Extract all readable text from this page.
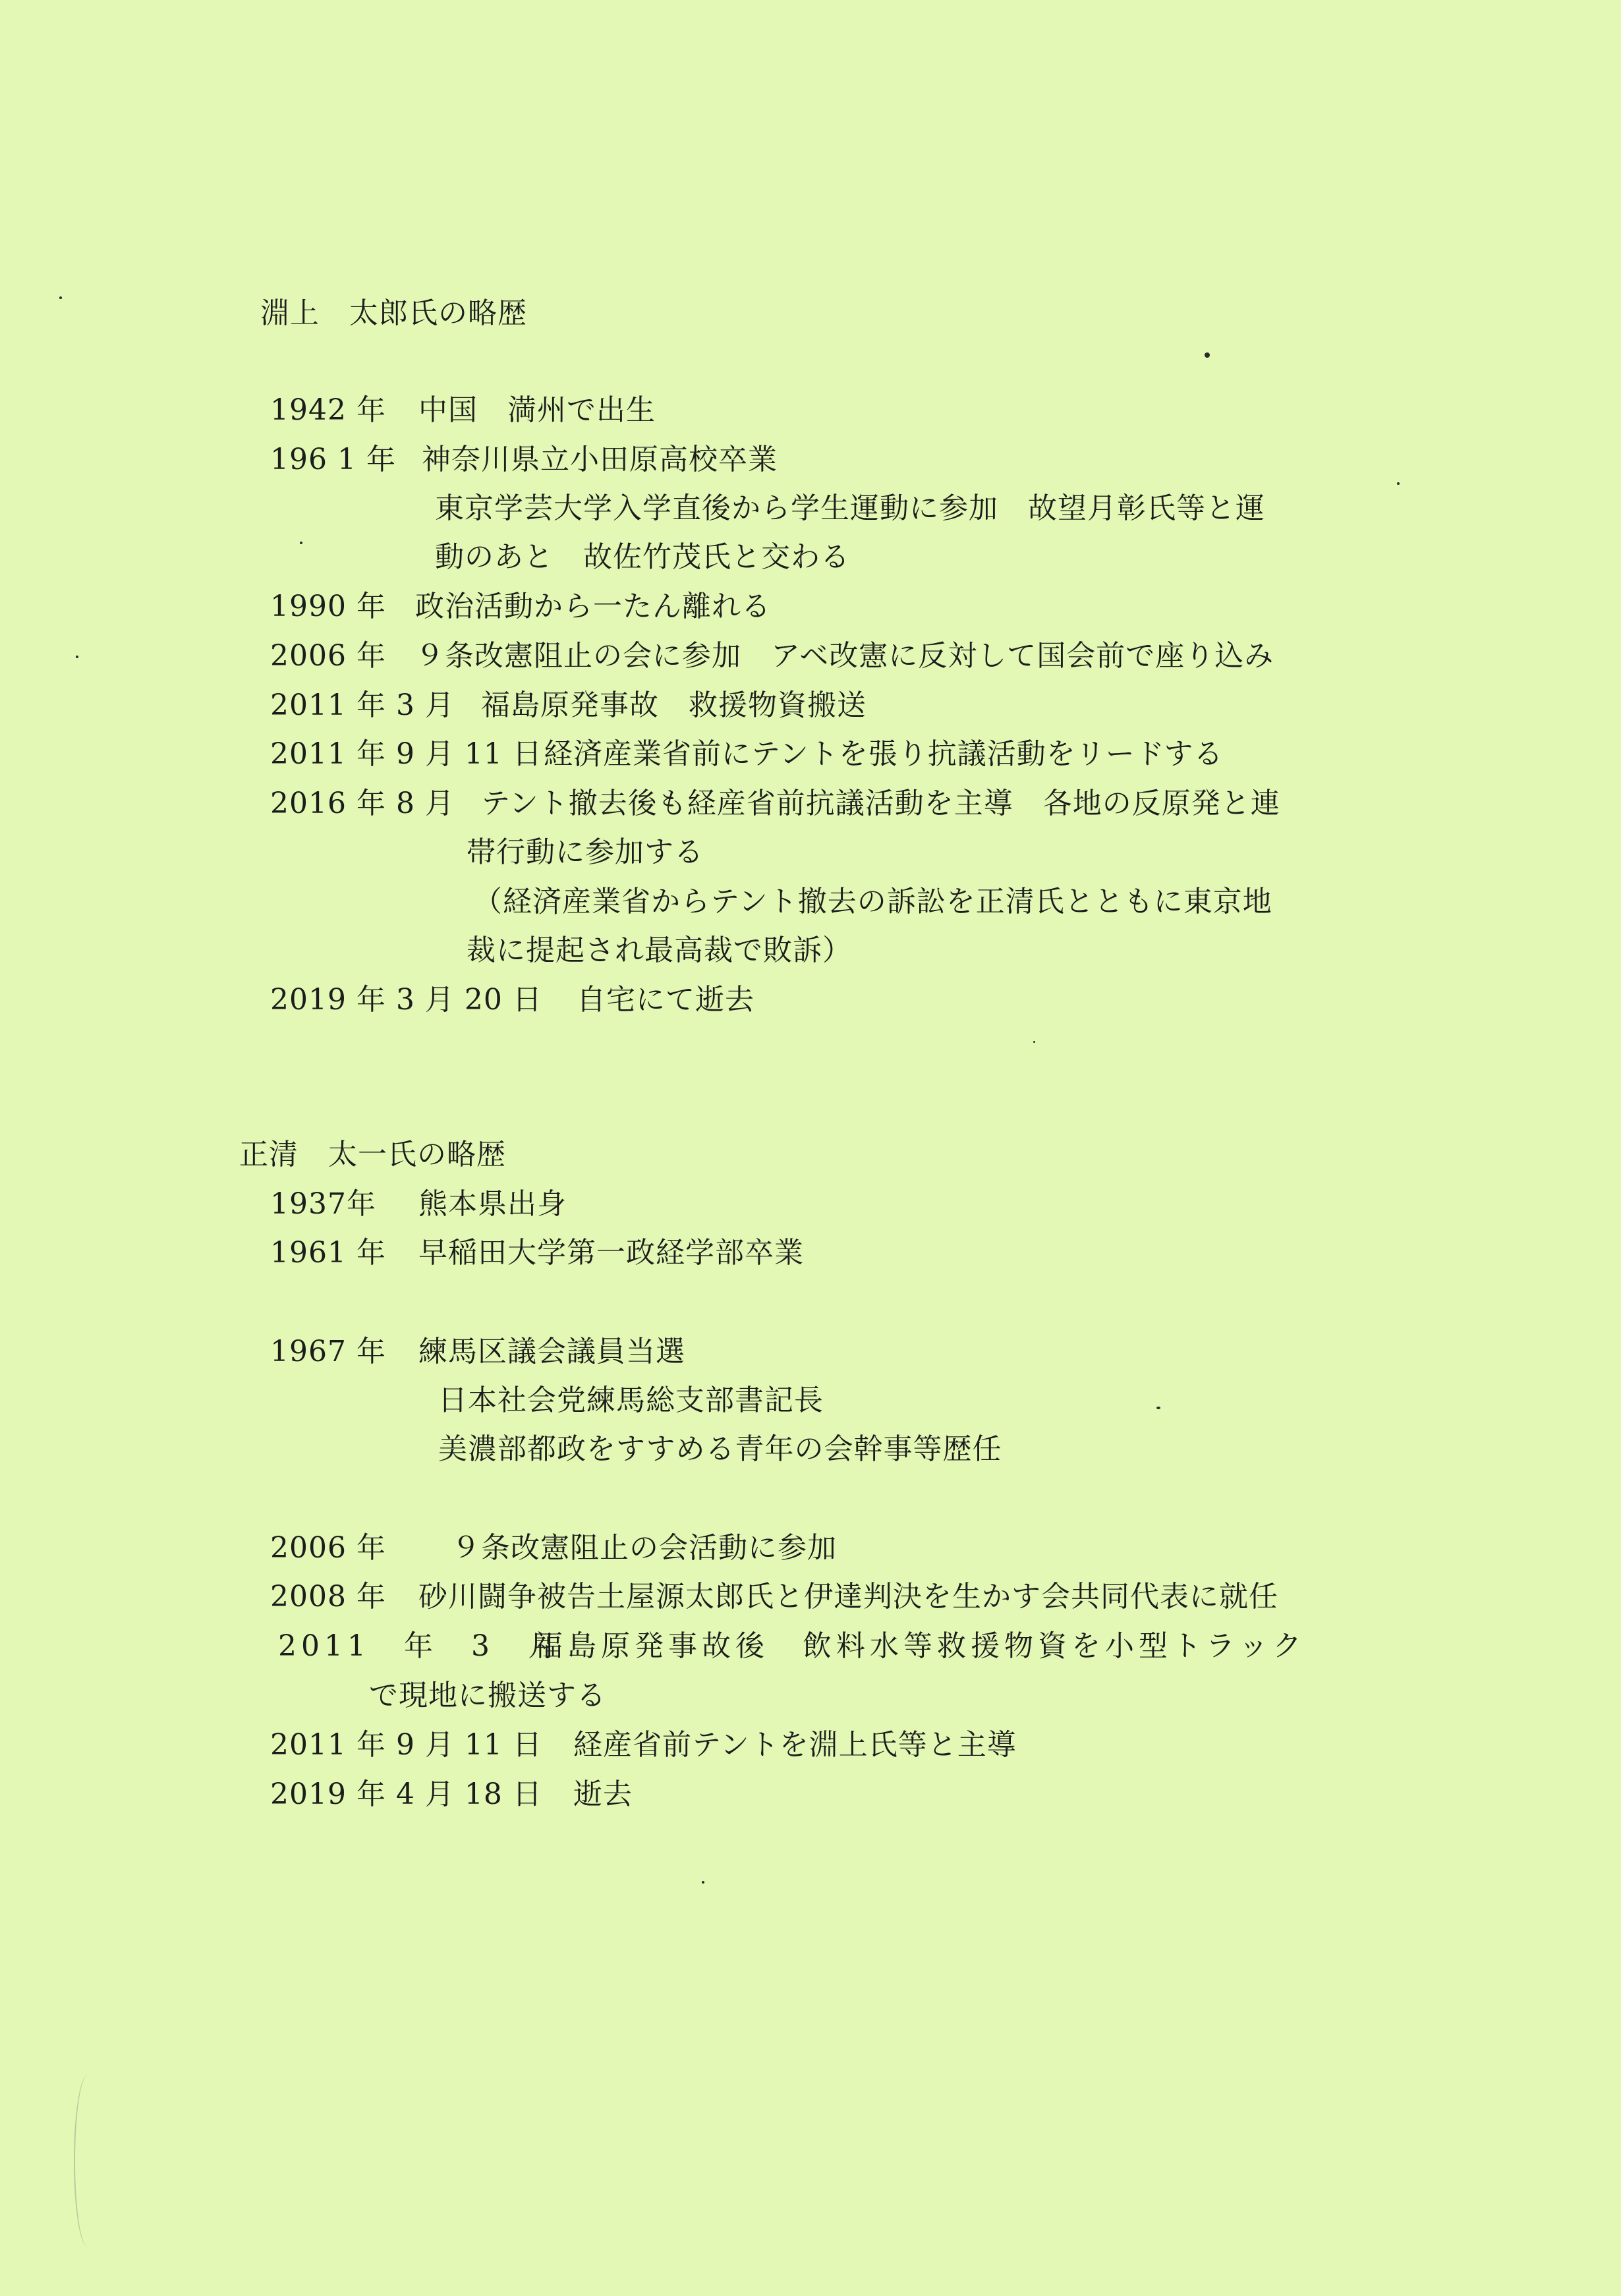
淵上　太郎氏の略歴
1942 年 中国　満州で出生
196 1 年 神奈川県立小田原高校卒業
東京学芸大学入学直後から学生運動に参加　故望月彰氏等と運
動のあと　故佐竹茂氏と交わる
1990 年 政治活動から一たん離れる
2006 年 ９条改憲阻止の会に参加　アベ改憲に反対して国会前で座り込み
2011 年 3 月 福島原発事故　救援物資搬送
2011 年 9 月 11 日経済産業省前にテントを張り抗議活動をリードする
2016 年 8 月 テント撤去後も経産省前抗議活動を主導　各地の反原発と連
帯行動に参加する
（経済産業省からテント撤去の訴訟を正清氏とともに東京地
裁に提起され最高裁で敗訴）
2019 年 3 月 20 日 自宅にて逝去
正清　太一氏の略歴
1937年 熊本県出身
1961 年 早稲田大学第一政経学部卒業
1967 年 練馬区議会議員当選
日本社会党練馬総支部書記長
美濃部都政をすすめる青年の会幹事等歴任
2006 年 ９条改憲阻止の会活動に参加
2008 年 砂川闘争被告土屋源太郎氏と伊達判決を生かす会共同代表に就任
2011　年　3　月福島原発事故後　飲料水等救援物資を小型トラック
で現地に搬送する
2011 年 9 月 11 日 経産省前テントを淵上氏等と主導
2019 年 4 月 18 日 逝去
